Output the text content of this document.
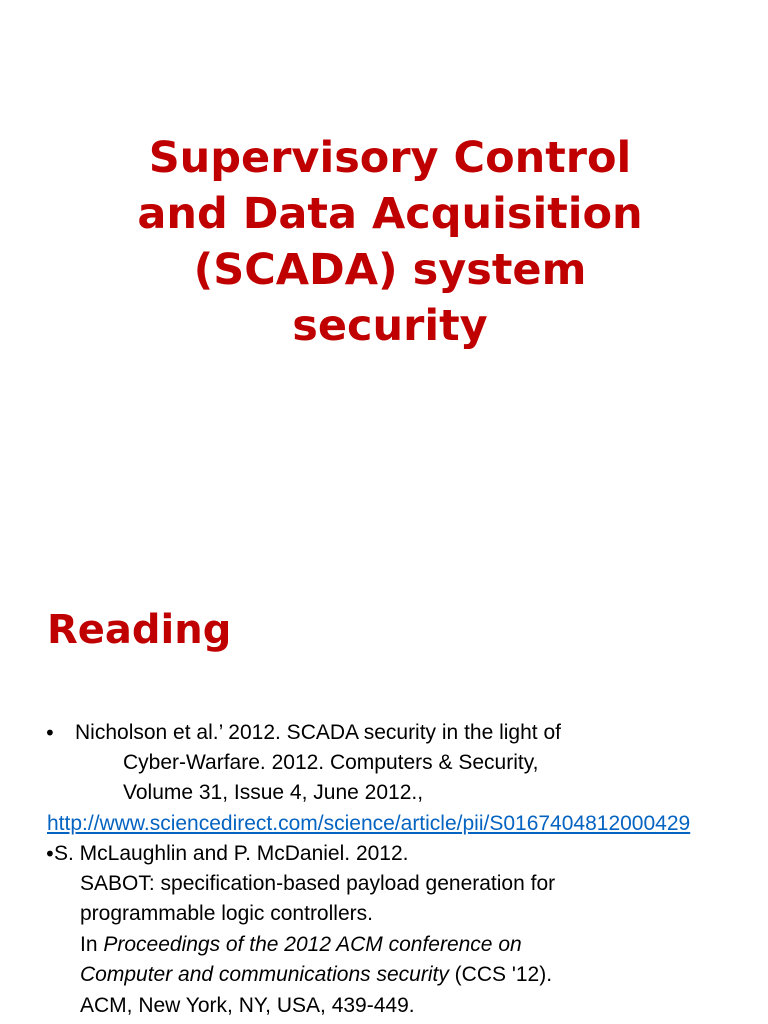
Supervisory Control
and Data Acquisition
(SCADA) system
security
Reading
• Nicholson et al.’ 2012. SCADA security in the light of
Cyber-Warfare. 2012. Computers & Security,
Volume 31, Issue 4, June 2012.,
http://www.sciencedirect.com/science/article/pii/S0167404812000429
•
S. McLaughlin and P. McDaniel. 2012.
SABOT: specification-based payload generation for
programmable logic controllers.
In Proceedings of the 2012 ACM conference on
Computer and communications security (CCS '12).
ACM, New York, NY, USA, 439-449.
